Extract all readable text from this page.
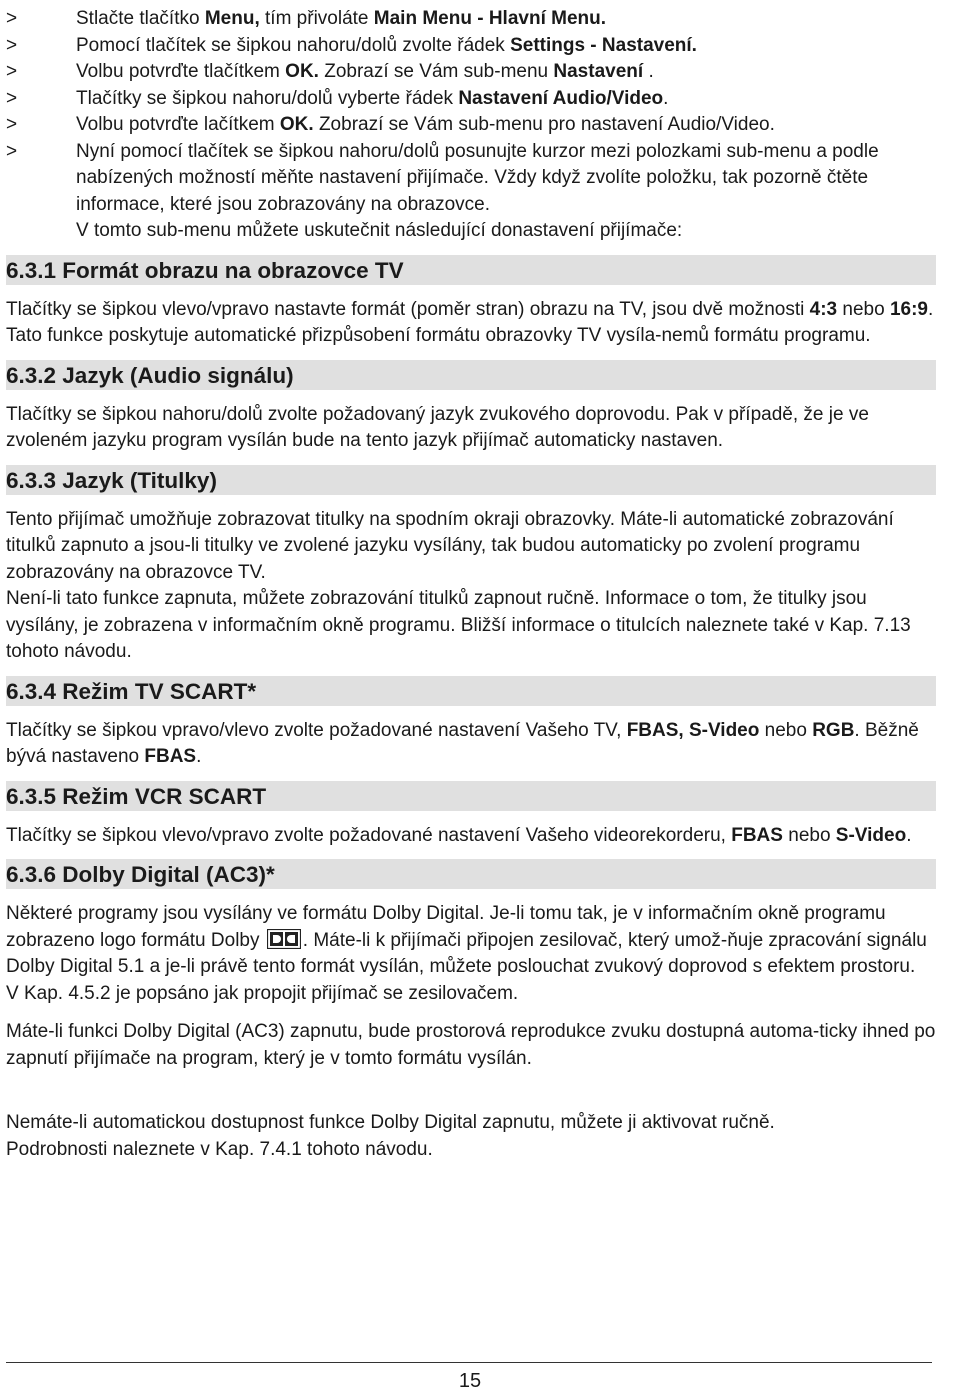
>	Stlačte tlačítko Menu, tím přivoláte Main Menu - Hlavní Menu.
>	Pomocí tlačítek se šipkou nahoru/dolů zvolte řádek Settings - Nastavení.
>	Volbu potvrďte tlačítkem OK. Zobrazí se Vám sub-menu Nastavení .
>	Tlačítky se šipkou nahoru/dolů vyberte řádek Nastavení Audio/Video.
>	Volbu potvrďte lačítkem OK. Zobrazí se Vám sub-menu pro nastavení Audio/Video.
>	Nyní pomocí tlačítek se šipkou nahoru/dolů posunujte kurzor mezi polozkami sub-menu a podle nabízených možností měňte nastavení přijímače. Vždy když zvolíte položku, tak pozorně čtěte informace, které jsou zobrazovány na obrazovce.
V tomto sub-menu můžete uskutečnit následující donastavení přijímače:
6.3.1 Formát obrazu na obrazovce TV

Tlačítky se šipkou vlevo/vpravo nastavte formát (poměr stran) obrazu na TV, jsou dvě možnosti 4:3 nebo 16:9. Tato funkce poskytuje automatické přizpůsobení formátu obrazovky TV vysíla-nemů formátu programu.

6.3.2 Jazyk (Audio signálu)

Tlačítky se šipkou nahoru/dolů zvolte požadovaný jazyk zvukového doprovodu. Pak v případě, že je ve zvoleném jazyku program vysílán bude na tento jazyk přijímač automaticky nastaven.

6.3.3 Jazyk (Titulky)

Tento přijímač umožňuje zobrazovat titulky na spodním okraji obrazovky. Máte-li automatické zobrazování titulků zapnuto a jsou-li titulky ve zvolené jazyku vysílány, tak budou automaticky po zvolení programu zobrazovány na obrazovce TV.
Není-li tato funkce zapnuta, můžete zobrazování titulků zapnout ručně. Informace o tom, že titulky jsou vysílány, je zobrazena v informačním okně programu. Bližší informace o titulcích naleznete také v Kap. 7.13 tohoto návodu.

6.3.4 Režim TV SCART*

Tlačítky se šipkou vpravo/vlevo zvolte požadované nastavení Vašeho TV, FBAS, S-Video nebo RGB. Běžně bývá nastaveno FBAS.

6.3.5 Režim VCR SCART

Tlačítky se šipkou vlevo/vpravo zvolte požadované nastavení Vašeho videorekorderu, FBAS nebo S-Video.

6.3.6 Dolby Digital (AC3)*

Některé programy jsou vysílány ve formátu Dolby Digital. Je-li tomu tak, je v informačním okně programu zobrazeno logo formátu Dolby . Máte-li k přijímači připojen zesilovač, který umož-ňuje zpracování signálu Dolby Digital 5.1 a je-li právě tento formát vysílán, můžete poslouchat zvukový doprovod s efektem prostoru.
V Kap. 4.5.2 je popsáno jak propojit přijímač se zesilovačem.

Máte-li funkci Dolby Digital (AC3) zapnutu, bude prostorová reprodukce zvuku dostupná automa-ticky ihned po zapnutí přijímače na program, který je v tomto formátu vysílán.

Nemáte-li automatickou dostupnost funkce Dolby Digital zapnutu, můžete ji aktivovat ručně.
Podrobnosti naleznete v Kap. 7.4.1 tohoto návodu.

15
